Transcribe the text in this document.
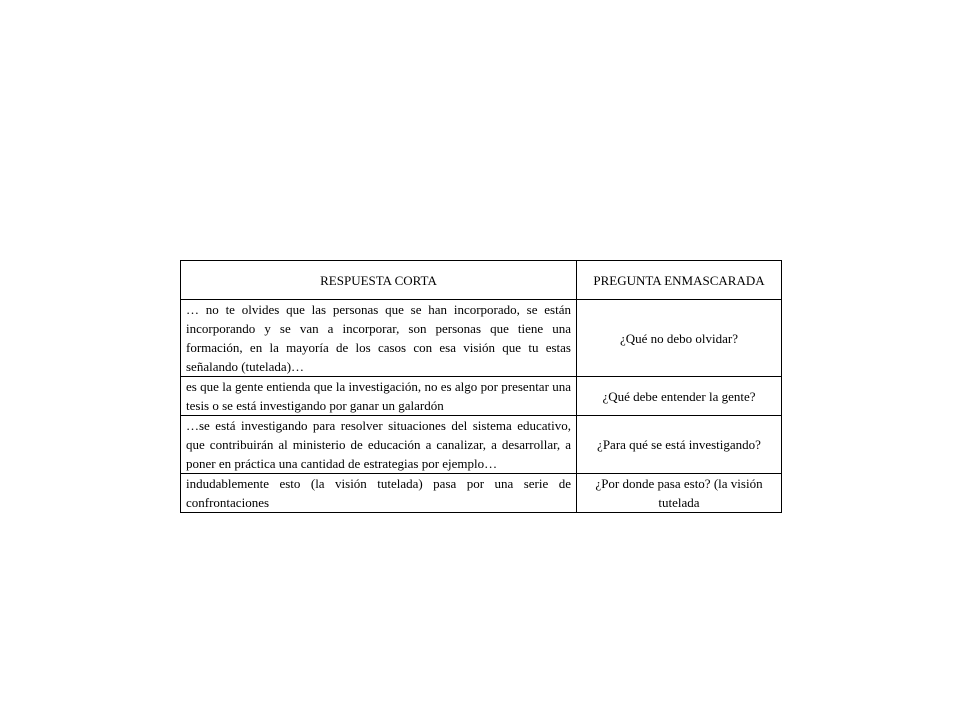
RESPUESTA CORTA	PREGUNTA ENMASCARADA
… no te olvides que las personas que se han incorporado, se están incorporando y se van a incorporar, son personas que tiene una formación, en la mayoría de los casos con esa visión que tu estas señalando (tutelada)…	¿Qué no debo olvidar?
es que la gente entienda que la investigación, no es algo por presentar una tesis o se está investigando por ganar un galardón	¿Qué debe entender la gente?
…se está investigando para resolver situaciones del sistema educativo, que contribuirán al ministerio de educación a canalizar, a desarrollar, a poner en práctica una cantidad de estrategias por ejemplo…	¿Para qué se está investigando?
indudablemente esto (la visión tutelada) pasa por una serie de confrontaciones	¿Por donde pasa esto? (la visión tutelada
